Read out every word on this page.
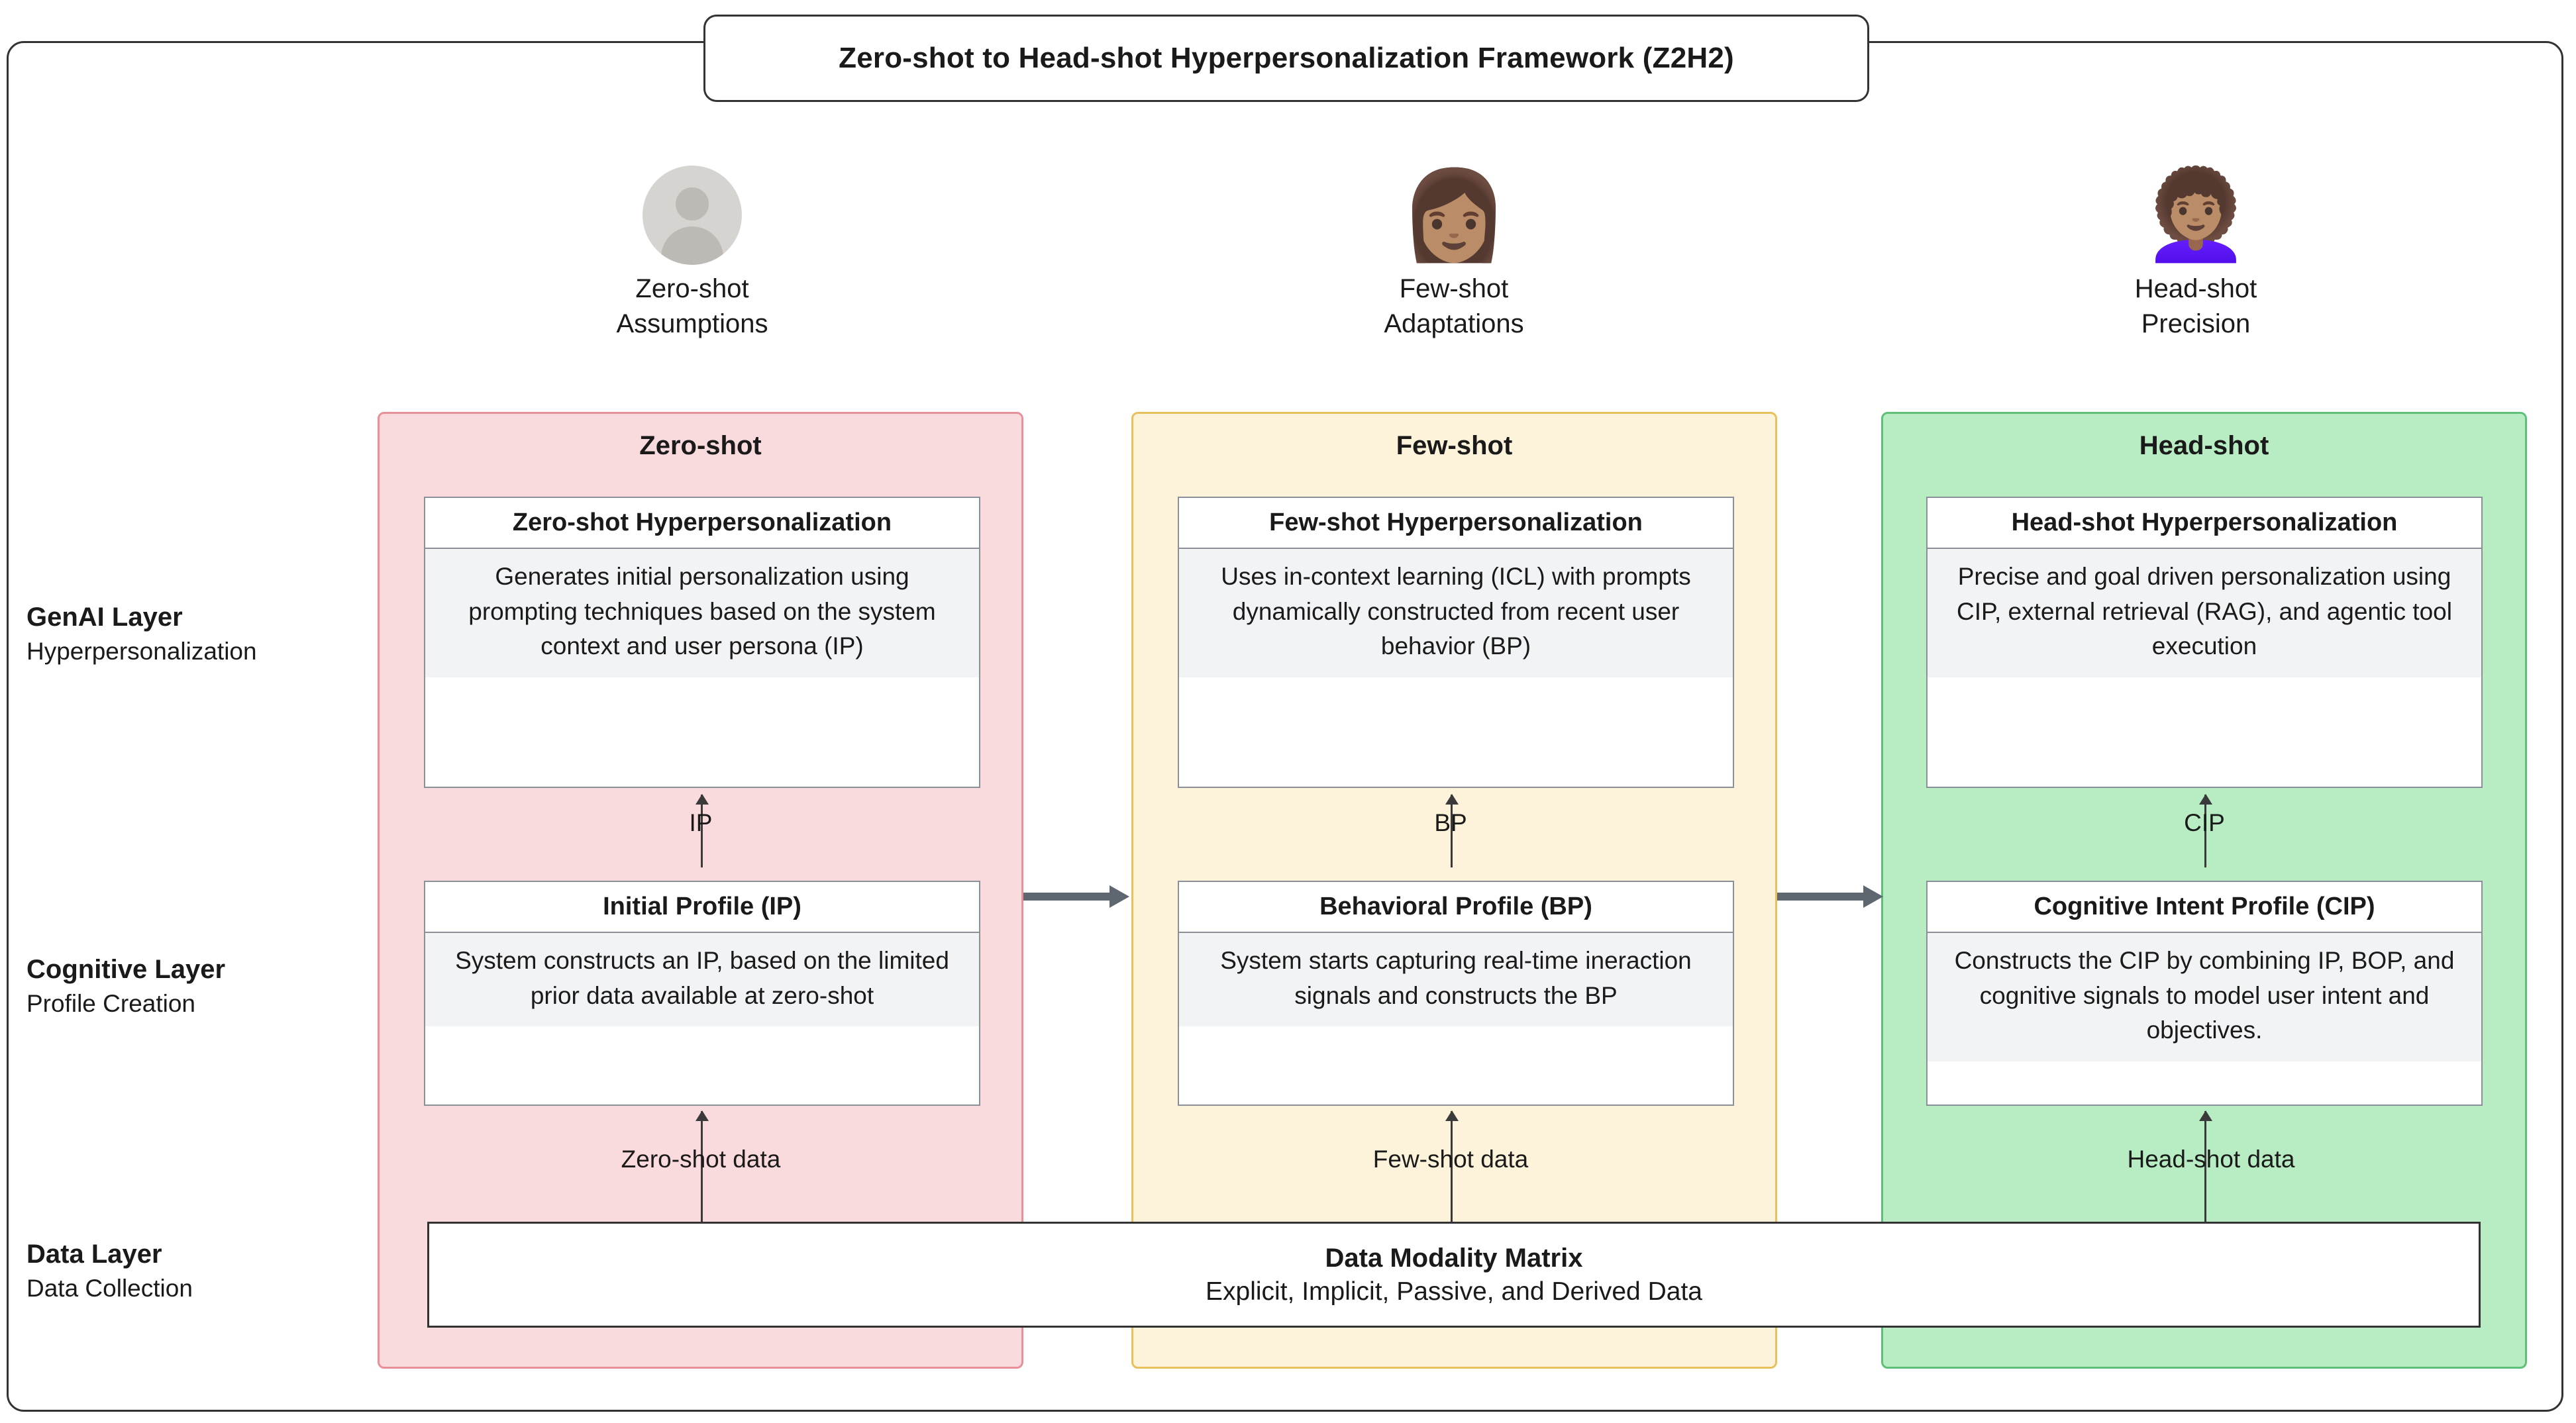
Zero-shot to Head-shot Hyperpersonalization Framework (Z2H2)
Zero-shot
Assumptions
👩🏽
Few-shot
Adaptations
👩🏽‍🦱
Head-shot
Precision
Zero-shot	Few-shot	Head-shot
GenAI Layer
Hyperpersonalization
Cognitive Layer
Profile Creation
Data Layer
Data Collection
Zero-shot Hyperpersonalization
Generates initial personalization using prompting techniques based on the system context and user persona (IP)
IP
Initial Profile (IP)
System constructs an IP, based on the limited prior data available at zero-shot
Zero-shot data
Few-shot Hyperpersonalization
Uses in-context learning (ICL) with prompts dynamically constructed from recent user behavior (BP)
BP
Behavioral Profile (BP)
System starts capturing real-time ineraction signals and constructs the BP
Few-shot data
Head-shot Hyperpersonalization
Precise and goal driven personalization using CIP, external retrieval (RAG), and agentic tool execution
CIP
Cognitive Intent Profile (CIP)
Constructs the CIP by combining IP, BOP, and cognitive signals to model user intent and objectives.
Head-shot data
Data Modality Matrix
Explicit, Implicit, Passive, and Derived Data
